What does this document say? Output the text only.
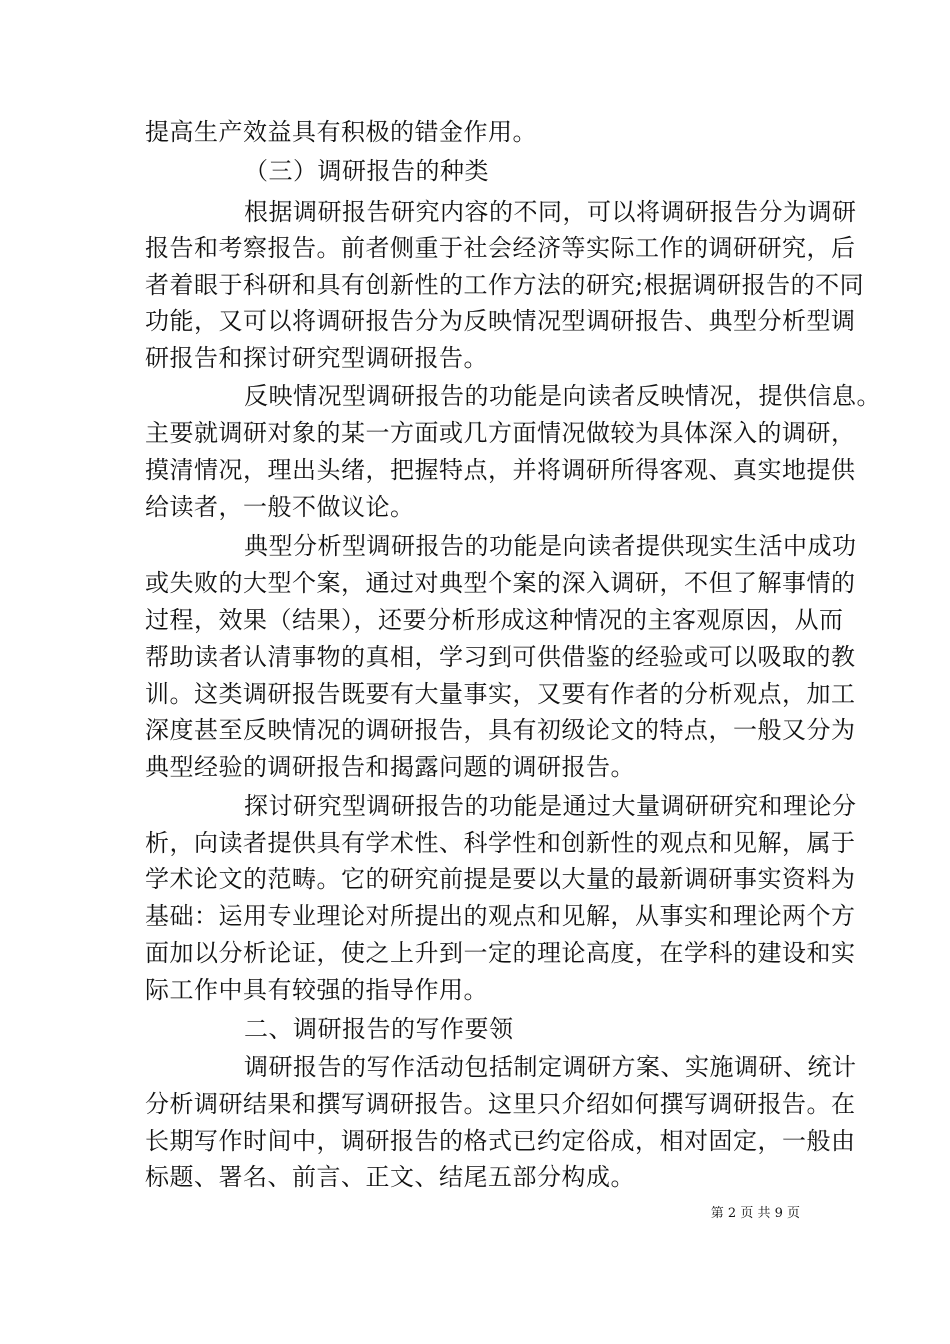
提高生产效益具有积极的错金作用。
（三）调研报告的种类
根据调研报告研究内容的不同，可以将调研报告分为调研
报告和考察报告。前者侧重于社会经济等实际工作的调研研究，后
者着眼于科研和具有创新性的工作方法的研究;根据调研报告的不同
功能，又可以将调研报告分为反映情况型调研报告、典型分析型调
研报告和探讨研究型调研报告。
反映情况型调研报告的功能是向读者反映情况，提供信息。
主要就调研对象的某一方面或几方面情况做较为具体深入的调研，
摸清情况，理出头绪，把握特点，并将调研所得客观、真实地提供
给读者，一般不做议论。
典型分析型调研报告的功能是向读者提供现实生活中成功
或失败的大型个案，通过对典型个案的深入调研，不但了解事情的
过程，效果（结果），还要分析形成这种情况的主客观原因，从而
帮助读者认清事物的真相，学习到可供借鉴的经验或可以吸取的教
训。这类调研报告既要有大量事实，又要有作者的分析观点，加工
深度甚至反映情况的调研报告，具有初级论文的特点，一般又分为
典型经验的调研报告和揭露问题的调研报告。
探讨研究型调研报告的功能是通过大量调研研究和理论分
析，向读者提供具有学术性、科学性和创新性的观点和见解，属于
学术论文的范畴。它的研究前提是要以大量的最新调研事实资料为
基础：运用专业理论对所提出的观点和见解，从事实和理论两个方
面加以分析论证，使之上升到一定的理论高度，在学科的建设和实
际工作中具有较强的指导作用。
二、调研报告的写作要领
调研报告的写作活动包括制定调研方案、实施调研、统计
分析调研结果和撰写调研报告。这里只介绍如何撰写调研报告。在
长期写作时间中，调研报告的格式已约定俗成，相对固定，一般由
标题、署名、前言、正文、结尾五部分构成。
第 2 页 共 9 页
